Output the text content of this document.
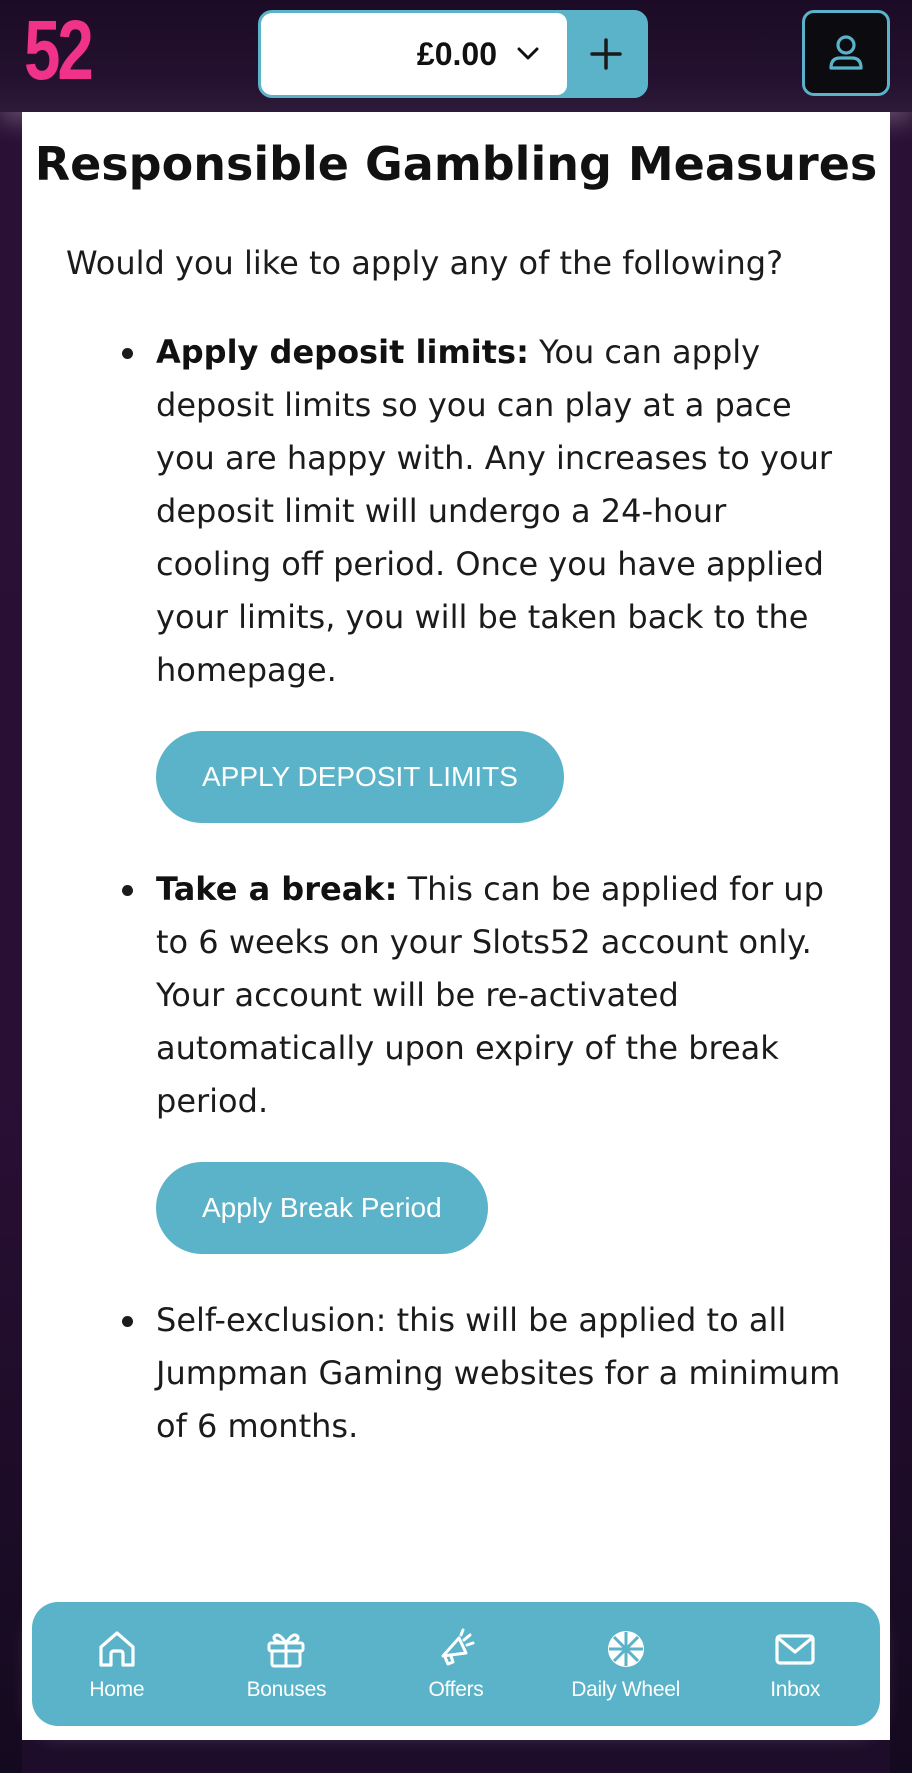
52	£0.00
Responsible Gambling Measures

Would you like to apply any of the following?

Apply deposit limits: You can apply deposit limits so you can play at a pace you are happy with. Any increases to your deposit limit will undergo a 24-hour cooling off period. Once you have applied your limits, you will be taken back to the homepage.
APPLY DEPOSIT LIMITS
Take a break: This can be applied for up to 6 weeks on your Slots52 account only. Your account will be re-activated automatically upon expiry of the break period.
Apply Break Period
Self-exclusion: this will be applied to all Jumpman Gaming websites for a minimum of 6 months.
Home	Bonuses	Offers	Daily Wheel	Inbox
